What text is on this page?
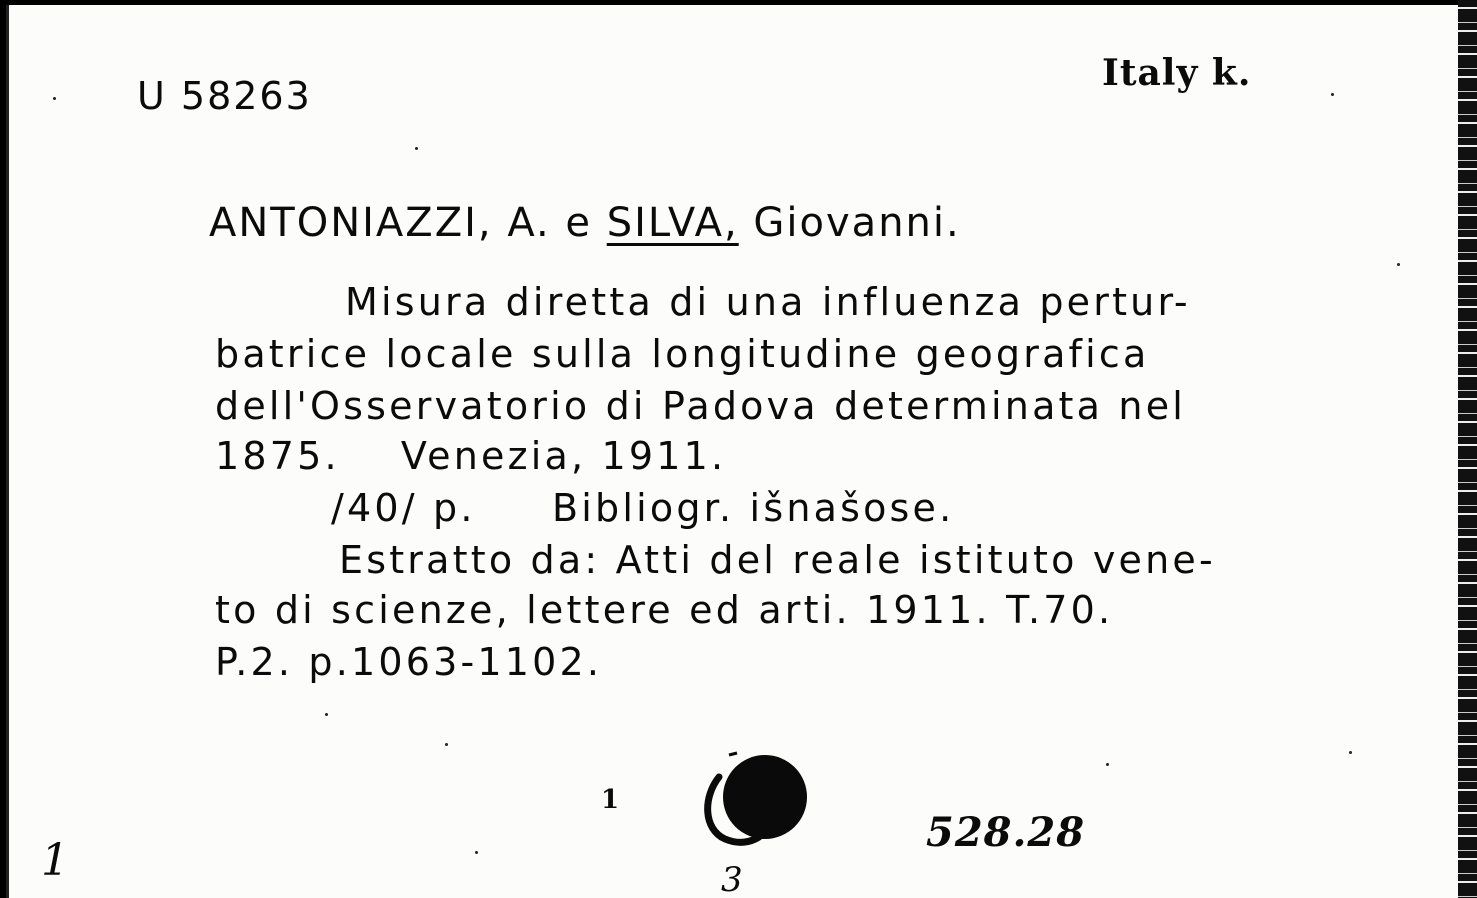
U 58263
Italy k.
ANTONIAZZI, A. e SILVA, Giovanni.
Misura diretta di una influenza pertur-
batrice locale sulla longitudine geografica
dell'Osservatorio di Padova determinata nel
1875.    Venezia, 1911.
/40/ p.     Bibliogr. išnašose.
Estratto da: Atti del reale istituto vene-
to di scienze, lettere ed arti. 1911. T.70.
P.2. p.1063-1102.
1
528.28
1	3
